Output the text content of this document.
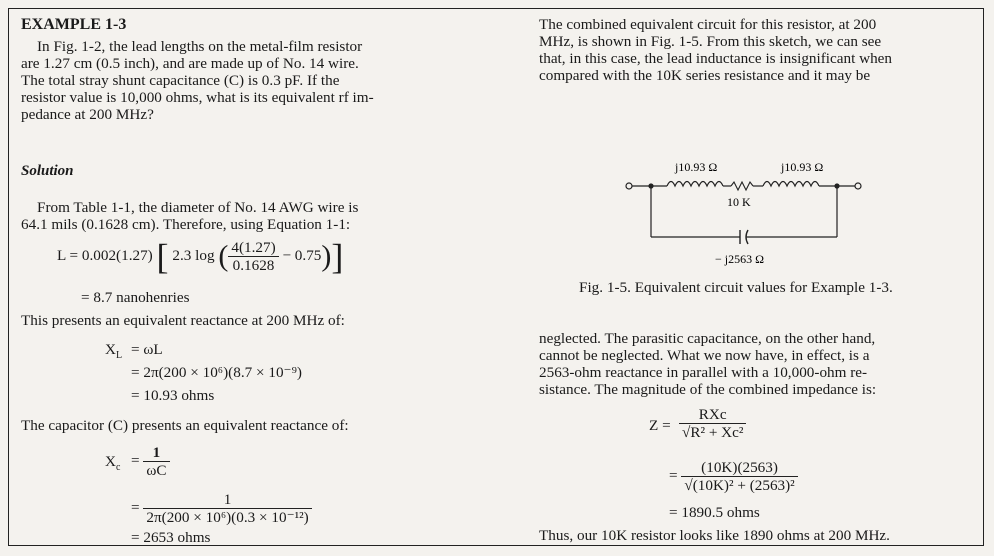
EXAMPLE 1-3
In Fig. 1-2, the lead lengths on the metal-film resistor
are 1.27 cm (0.5 inch), and are made up of No. 14 wire.
The total stray shunt capacitance (C) is 0.3 pF. If the
resistor value is 10,000 ohms, what is its equivalent rf im-
pedance at 200 MHz?
Solution
From Table 1-1, the diameter of No. 14 AWG wire is
64.1 mils (0.1628 cm). Therefore, using Equation 1-1:
L = 0.002(1.27) [ 2.3 log ( $\frac{4(1.27)}{0.1628} - 0.75$)]
= 8.7 nanohenries
This presents an equivalent reactance at 200 MHz of:
$X_L = \omega L$
= 2π(200 × 10⁶)(8.7 × 10⁻⁹)
= 10.93 ohms
The capacitor (C) presents an equivalent reactance of:
$X_c = \frac{1}{\omega C}$
= $\frac{1}{\text{2π(200 × 10⁶)(0.3 × 10⁻¹²)}}$
= 2653 ohms
The combined equivalent circuit for this resistor, at 200
MHz, is shown in Fig. 1-5. From this sketch, we can see
that, in this case, the lead inductance is insignificant when
compared with the 10K series resistance and it may be
j10.93 Ω	j10.93 Ω
10 K
− j2563 Ω
Fig. 1-5. Equivalent circuit values for Example 1-3.
neglected. The parasitic capacitance, on the other hand,
cannot be neglected. What we now have, in effect, is a
2563-ohm reactance in parallel with a 10,000-ohm re-
sistance. The magnitude of the combined impedance is:
$Z = \frac{\text{RXc}}{\text{√R² + Xc²}}$
= $\frac{(10K)(2563)}{\text{√(10K)² + (2563)²}}$
= 1890.5 ohms
Thus, our 10K resistor looks like 1890 ohms at 200 MHz.
